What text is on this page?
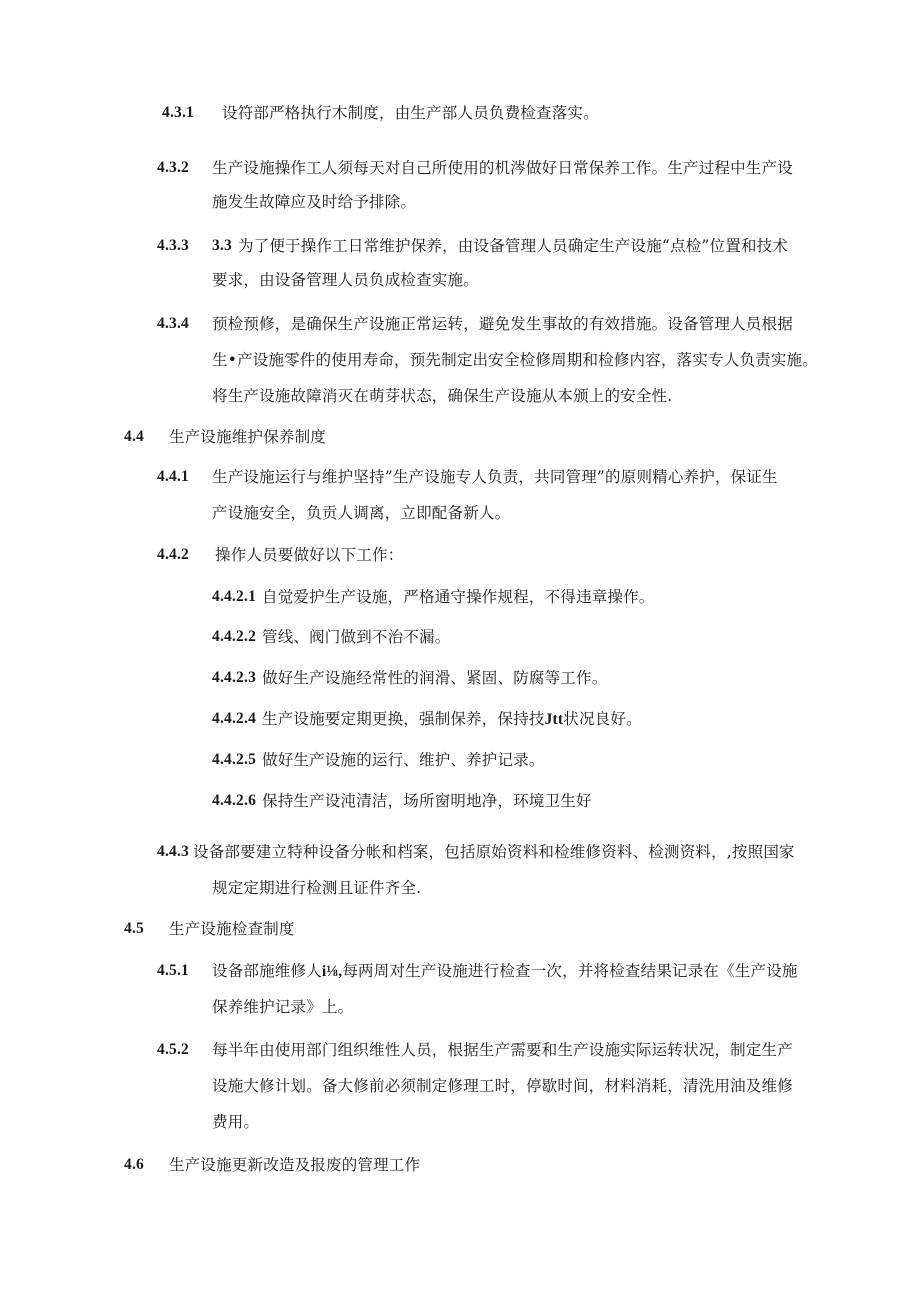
4.3.1 设符部严格执行木制度，由生产部人员负费检查落实。
4.3.2 生产设施操作工人须每天对自己所使用的机涔做好日常保养工作。生产过程中生产设
施发生故障应及时给予排除。
4.3.3 3.3 为了便于操作工日常维护保养，由设备管理人员确定生产设施“点检”位置和技术
要求，由设备管理人员负成检查实施。
4.3.4 预检预修，是确保生产设施正常运转，避免发生事故的有效措施。设备管理人员根据
生•产设施零件的使用寿命，预先制定出安全检修周期和检修内容，落实专人负责实施。
将生产设施故障消灭在萌芽状态，确保生产设施从本颁上的安全性.
4.4 生产设施维护保养制度
4.4.1 生产设施运行与维护坚持”生产设施专人负责，共同管理”的原则精心养护，保证生
产设施安全，负贡人调离，立即配备新人。
4.4.2 操作人员要做好以下工作：
4.4.2.1 自觉爱护生产设施，严格通守操作规程，不得违章操作。
4.4.2.2 管线、阀门做到不治不漏。
4.4.2.3 做好生产设施经常性的润滑、紧固、防腐等工作。
4.4.2.4 生产设施要定期更换，强制保养，保持技Jtt状况良好。
4.4.2.5 做好生产设施的运行、维护、养护记录。
4.4.2.6 保持生产设沌清洁，场所窗明地净，环境卫生好
4.4.3 设备部要建立特种设备分帐和档案，包括原始资料和检维修资料、检测资料，,按照国家
规定定期进行检测且证件齐全.
4.5 生产设施检查制度
4.5.1 设备部施维修人i⅛,每两周对生产设施进行检查一次，并将检查结果记录在《生产设施
保养维护记录》上。
4.5.2 每半年由使用部门组织维性人员，根据生产需要和生产设施实际运转状况，制定生产
设施大修计划。备大修前必须制定修理工时，停歇时间，材料消耗，清洗用油及维修
费用。
4.6 生产设施更新改造及报废的管理工作
